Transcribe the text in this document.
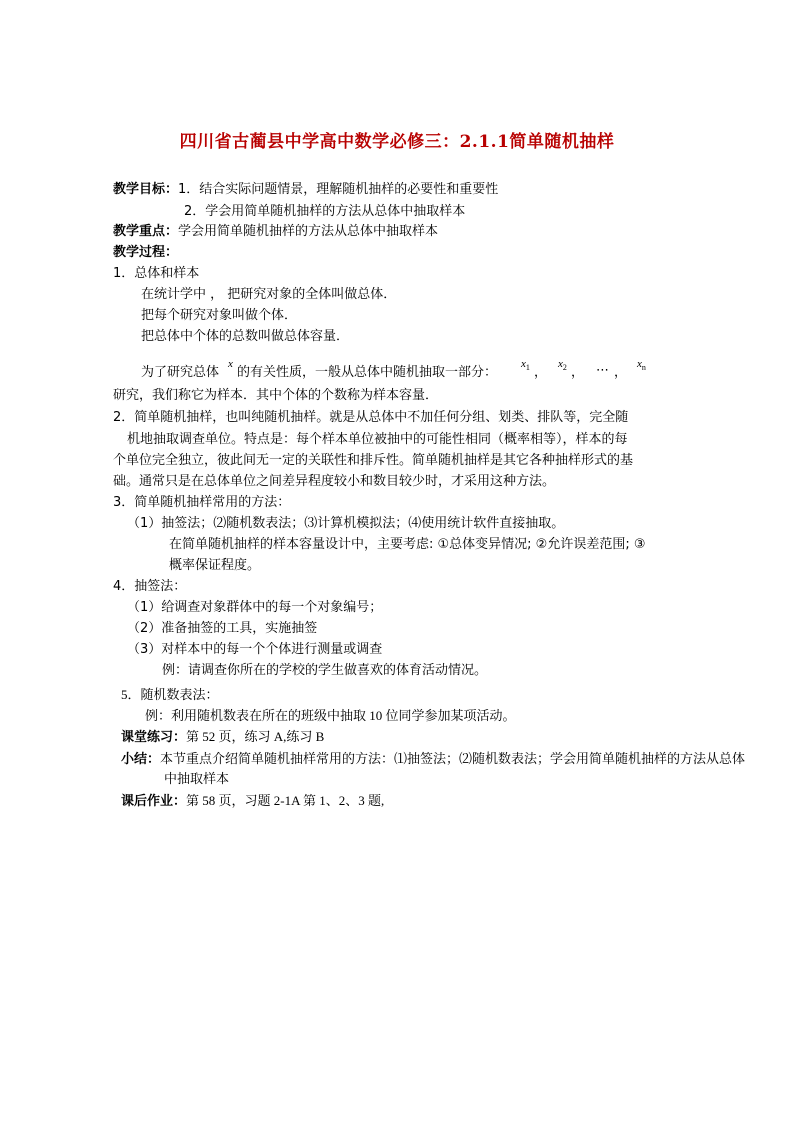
四川省古蔺县中学高中数学必修三：2.1.1简单随机抽样
教学目标：1．结合实际问题情景，理解随机抽样的必要性和重要性
2．学会用简单随机抽样的方法从总体中抽取样本
教学重点：学会用简单随机抽样的方法从总体中抽取样本
教学过程：
1．总体和样本
在统计学中 ， 把研究对象的全体叫做总体．
把每个研究对象叫做个体．
把总体中个体的总数叫做总体容量．
为了研究总体
x
的有关性质，一般从总体中随机抽取一部分：
$x_1$ ，
$x_2$ ， ⋯ ，
$x_n$
研究，我们称它为样本．其中个体的个数称为样本容量．
2．简单随机抽样，也叫纯随机抽样。就是从总体中不加任何分组、划类、排队等，完全随
机地抽取调查单位。特点是：每个样本单位被抽中的可能性相同（概率相等），样本的每
个单位完全独立，彼此间无一定的关联性和排斥性。简单随机抽样是其它各种抽样形式的基
础。通常只是在总体单位之间差异程度较小和数目较少时，才采用这种方法。
3．简单随机抽样常用的方法：
（1）抽签法；⑵随机数表法；⑶计算机模拟法；⑷使用统计软件直接抽取。
在简单随机抽样的样本容量设计中，主要考虑: ①总体变异情况; ②允许误差范围; ③
概率保证程度。
4．抽签法：
（1）给调查对象群体中的每一个对象编号；
（2）准备抽签的工具，实施抽签
（3）对样本中的每一个个体进行测量或调查
例：请调查你所在的学校的学生做喜欢的体育活动情况。
5．随机数表法：
例：利用随机数表在所在的班级中抽取 10 位同学参加某项活动。
课堂练习：第 52 页，练习 A,练习 B
小结：本节重点介绍简单随机抽样常用的方法：⑴抽签法；⑵随机数表法；学会用简单随机抽样的方法从总体
中抽取样本
课后作业：第 58 页，习题 2-1A 第 1、2、3 题,
